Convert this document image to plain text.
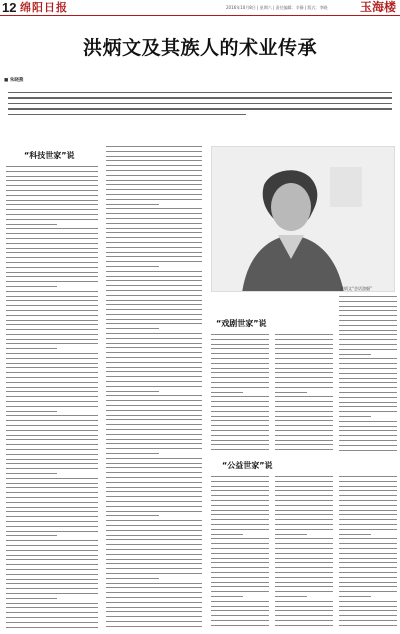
12 绵阳日报	2016年10月8日 | 星期六 | 责任编辑：辛静 | 版式：李晓	玉海楼
洪炳文及其族人的术业传承
■ 朱晓燕
“科技世家”说
洪炳文“会话游艇”
“戏剧世家”说
“公益世家”说
